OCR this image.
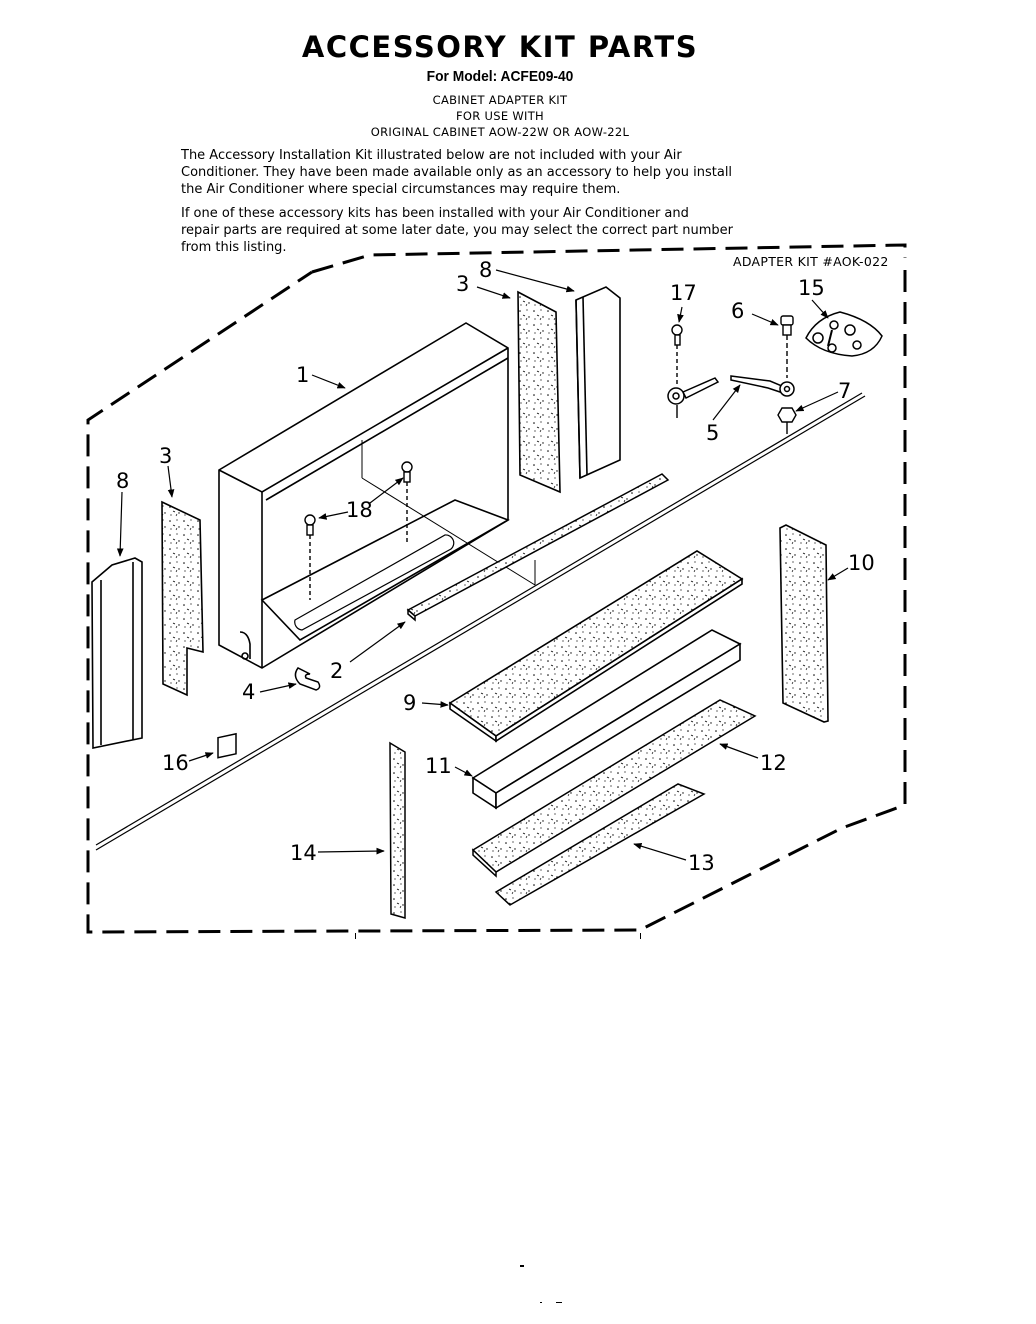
ACCESSORY KIT PARTS
For Model: ACFE09-40
CABINET ADAPTER KIT
FOR USE WITH
ORIGINAL CABINET AOW-22W OR AOW-22L
The Accessory Installation Kit illustrated below are not included with your Air
Conditioner. They have been made available only as an accessory to help you install
the Air Conditioner where special circumstances may require them.
If one of these accessory kits has been installed with your Air Conditioner and
repair parts are required at some later date, you may select the correct part number
from this listing.
ADAPTER KIT #AOK-022
1
2
3
3
4
5
6
7
8
8
9
10
11	12
13
14
15
16
17
18
